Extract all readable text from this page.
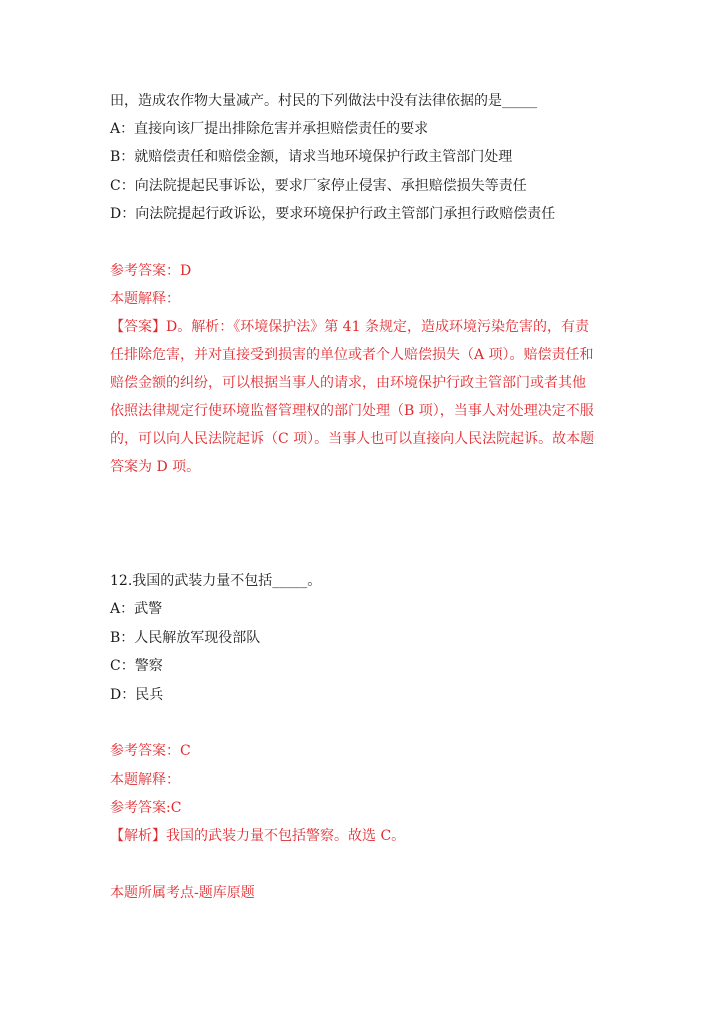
田，造成农作物大量减产。村民的下列做法中没有法律依据的是_____
A：直接向该厂提出排除危害并承担赔偿责任的要求
B：就赔偿责任和赔偿金额，请求当地环境保护行政主管部门处理
C：向法院提起民事诉讼，要求厂家停止侵害、承担赔偿损失等责任
D：向法院提起行政诉讼，要求环境保护行政主管部门承担行政赔偿责任
参考答案：D
本题解释：
【答案】D。解析：《环境保护法》第 41 条规定，造成环境污染危害的，有责
任排除危害，并对直接受到损害的单位或者个人赔偿损失（A 项）。赔偿责任和
赔偿金额的纠纷，可以根据当事人的请求，由环境保护行政主管部门或者其他
依照法律规定行使环境监督管理权的部门处理（B 项），当事人对处理决定不服
的，可以向人民法院起诉（C 项）。当事人也可以直接向人民法院起诉。故本题
答案为 D 项。
12.我国的武装力量不包括_____。
A：武警
B：人民解放军现役部队
C：警察
D：民兵
参考答案：C
本题解释：
参考答案:C
【解析】我国的武装力量不包括警察。故选 C。
本题所属考点-题库原题
